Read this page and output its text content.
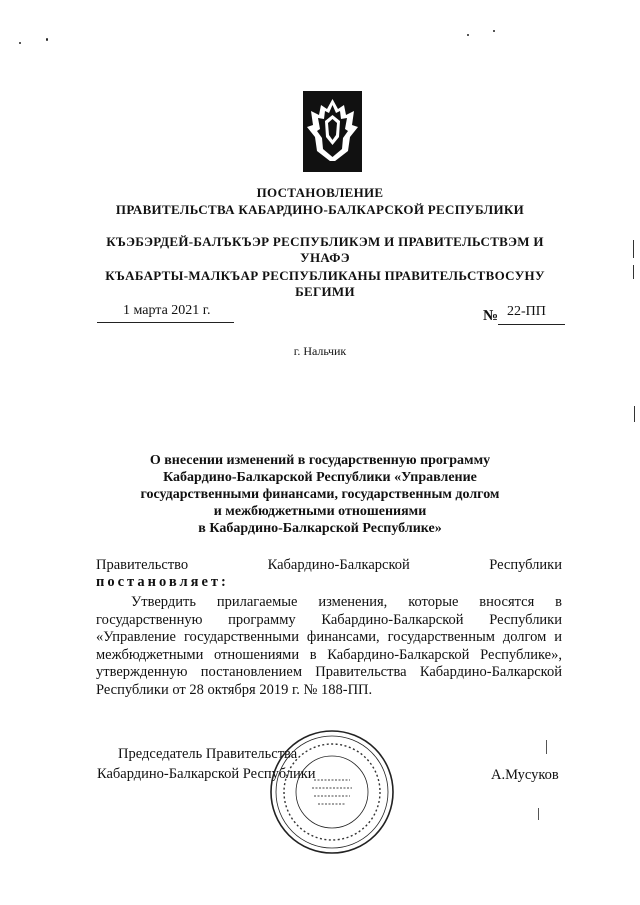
ПОСТАНОВЛЕНИЕ
ПРАВИТЕЛЬСТВА КАБАРДИНО-БАЛКАРСКОЙ РЕСПУБЛИКИ
КЪЭБЭРДЕЙ-БАЛЪКЪЭР РЕСПУБЛИКЭМ И ПРАВИТЕЛЬСТВЭМ И УНАФЭ
КЪАБАРТЫ-МАЛКЪАР РЕСПУБЛИКАНЫ ПРАВИТЕЛЬСТВОСУНУ БЕГИМИ
1 марта 2021 г.	№ 22-ПП
г. Нальчик
О внесении изменений в государственную программу
Кабардино-Балкарской Республики «Управление
государственными финансами, государственным долгом
и межбюджетными отношениями
в Кабардино-Балкарской Республике»
Правительство Кабардино-Балкарской Республики
постановляет:
Утвердить прилагаемые изменения, которые вносятся в государственную программу Кабардино-Балкарской Республики «Управление государственными финансами, государственным долгом и межбюджетными отношениями в Кабардино-Балкарской Республике», утвержденную постановлением Правительства Кабардино-Балкарской Республики от 28 октября 2019 г. № 188-ПП.
Председатель Правительства
Кабардино-Балкарской Республики	А.Мусуков
